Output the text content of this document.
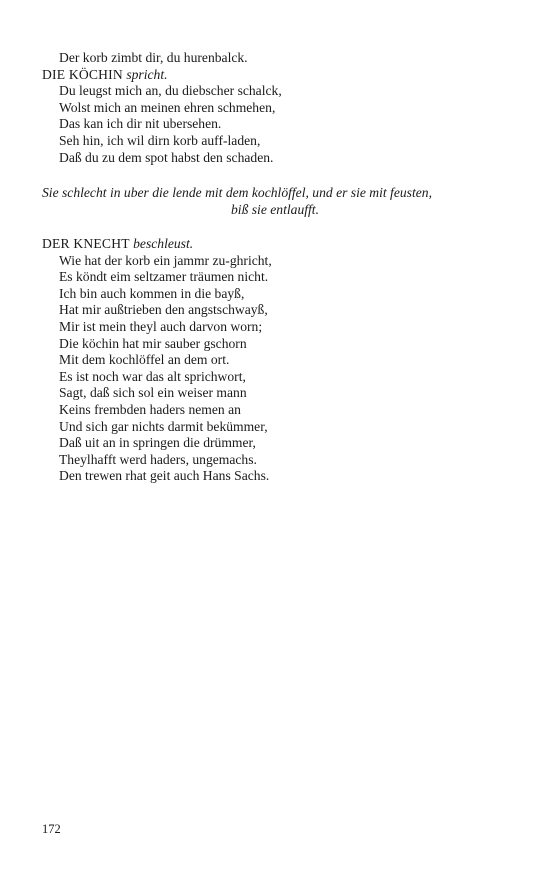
Der korb zimbt dir, du hurenbalck.
DIE KÖCHIN spricht.
Du leugst mich an, du diebscher schalck,
Wolst mich an meinen ehren schmehen,
Das kan ich dir nit ubersehen.
Seh hin, ich wil dirn korb auff-laden,
Daß du zu dem spot habst den schaden.
Sie schlecht in uber die lende mit dem kochlöffel, und er sie mit feusten,
biß sie entlaufft.
DER KNECHT beschleust.
Wie hat der korb ein jammr zu-ghricht,
Es köndt eim seltzamer träumen nicht.
Ich bin auch kommen in die bayß,
Hat mir außtrieben den angstschwayß,
Mir ist mein theyl auch darvon worn;
Die köchin hat mir sauber gschorn
Mit dem kochlöffel an dem ort.
Es ist noch war das alt sprichwort,
Sagt, daß sich sol ein weiser mann
Keins frembden haders nemen an
Und sich gar nichts darmit bekümmer,
Daß uit an in springen die drümmer,
Theylhafft werd haders, ungemachs.
Den trewen rhat geit auch Hans Sachs.
172
